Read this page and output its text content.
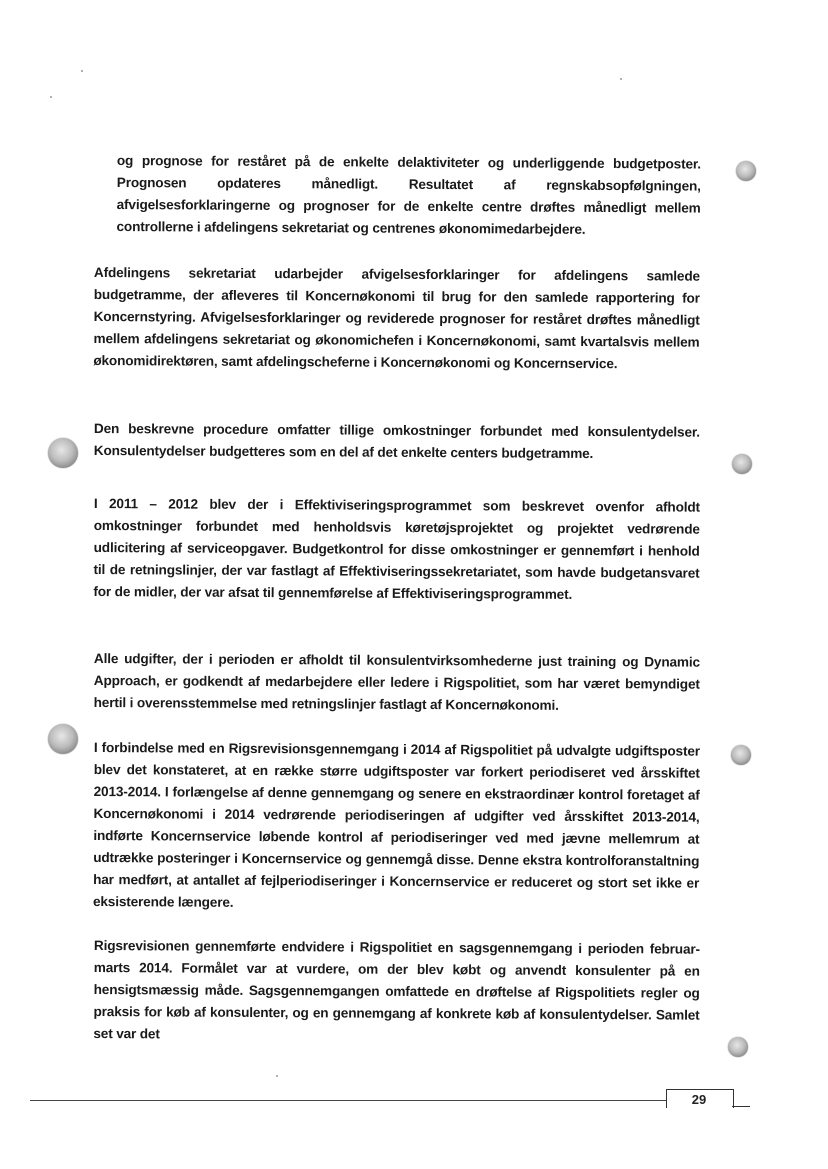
og prognose for reståret på de enkelte delaktiviteter og underliggende budgetposter. Prognosen opdateres månedligt. Resultatet af regnskabsopfølgningen, afvigelsesforklaringerne og prognoser for de enkelte centre drøftes månedligt mellem controllerne i afdelingens sekretariat og centrenes økonomimedarbejdere.

Afdelingens sekretariat udarbejder afvigelsesforklaringer for afdelingens samlede budgetramme, der afleveres til Koncernøkonomi til brug for den samlede rapportering for Koncernstyring. Afvigelsesforklaringer og reviderede prognoser for reståret drøftes månedligt mellem afdelingens sekretariat og økonomichefen i Koncernøkonomi, samt kvartalsvis mellem økonomidirektøren, samt afdelingscheferne i Koncernøkonomi og Koncernservice.

Den beskrevne procedure omfatter tillige omkostninger forbundet med konsulentydelser. Konsulentydelser budgetteres som en del af det enkelte centers budgetramme.

I 2011 – 2012 blev der i Effektiviseringsprogrammet som beskrevet ovenfor afholdt omkostninger forbundet med henholdsvis køretøjsprojektet og projektet vedrørende udlicitering af serviceopgaver. Budgetkontrol for disse omkostninger er gennemført i henhold til de retningslinjer, der var fastlagt af Effektiviseringssekretariatet, som havde budgetansvaret for de midler, der var afsat til gennemførelse af Effektiviseringsprogrammet.

Alle udgifter, der i perioden er afholdt til konsulentvirksomhederne just training og Dynamic Approach, er godkendt af medarbejdere eller ledere i Rigspolitiet, som har været bemyndiget hertil i overensstemmelse med retningslinjer fastlagt af Koncernøkonomi.

I forbindelse med en Rigsrevisionsgennemgang i 2014 af Rigspolitiet på udvalgte udgiftsposter blev det konstateret, at en række større udgiftsposter var forkert periodiseret ved årsskiftet 2013-2014. I forlængelse af denne gennemgang og senere en ekstraordinær kontrol foretaget af Koncernøkonomi i 2014 vedrørende periodiseringen af udgifter ved årsskiftet 2013-2014, indførte Koncernservice løbende kontrol af periodiseringer ved med jævne mellemrum at udtrække posteringer i Koncernservice og gennemgå disse. Denne ekstra kontrolforanstaltning har medført, at antallet af fejlperiodiseringer i Koncernservice er reduceret og stort set ikke er eksisterende længere.

Rigsrevisionen gennemførte endvidere i Rigspolitiet en sagsgennemgang i perioden februar-marts 2014. Formålet var at vurdere, om der blev købt og anvendt konsulenter på en hensigtsmæssig måde. Sagsgennemgangen omfattede en drøftelse af Rigspolitiets regler og praksis for køb af konsulenter, og en gennemgang af konkrete køb af konsulentydelser. Samlet set var det

29
